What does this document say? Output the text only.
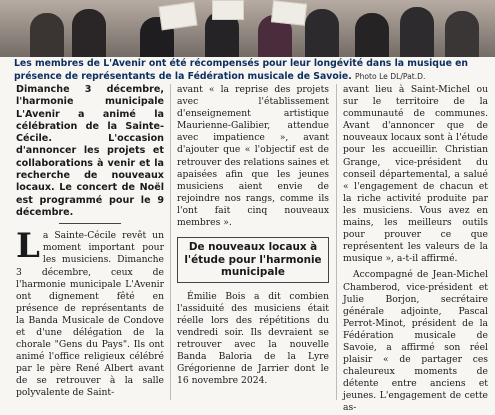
Les membres de L'Avenir ont été récompensés pour leur longévité dans la musique en présence de représentants de la Fédération musicale de Savoie. Photo Le DL/Pat.D.

Dimanche 3 décembre, l'harmonie municipale L'Avenir a animé la célébration de la Sainte-Cécile. L'occasion d'annoncer les projets et collaborations à venir et la recherche de nouveaux locaux. Le concert de Noël est programmé pour le 9 décembre.

La Sainte-Cécile revêt un moment important pour les musiciens. Dimanche 3 décembre, ceux de l'harmonie municipale L'Avenir ont dignement fêté en présence de représentants de la Banda Musicale de Condove et d'une délégation de la chorale "Gens du Pays". Ils ont animé l'office religieux célébré par le père René Albert avant de se retrouver à la salle polyvalente de Saint-

avant « la reprise des projets avec l'établissement d'enseignement artistique Maurienne-Galibier, attendue avec impatience », avant d'ajouter que « l'objectif est de retrouver des relations saines et apaisées afin que les jeunes musiciens aient envie de rejoindre nos rangs, comme ils l'ont fait cinq nouveaux membres ».

De nouveaux locaux à l'étude pour l'harmonie municipale

Émilie Bois a dit combien l'assiduité des musiciens était réelle lors des répétitions du vendredi soir. Ils devraient se retrouver avec la nouvelle Banda Baloria de la Lyre Grégorienne de Jarrier dont le 16 novembre 2024.

avant lieu à Saint-Michel ou sur le territoire de la communauté de communes. Avant d'annoncer que de nouveaux locaux sont à l'étude pour les accueillir. Christian Grange, vice-président du conseil départemental, a salué « l'engagement de chacun et la riche activité produite par les musiciens. Vous avez en mains, les meilleurs outils pour prouver ce que représentent les valeurs de la musique », a-t-il affirmé.

Accompagné de Jean-Michel Chamberod, vice-président et Julie Borjon, secrétaire générale adjointe, Pascal Perrot-Minot, président de la Fédération musicale de Savoie, a affirmé son réel plaisir « de partager ces chaleureux moments de détente entre anciens et jeunes. L'engagement de cette as-
